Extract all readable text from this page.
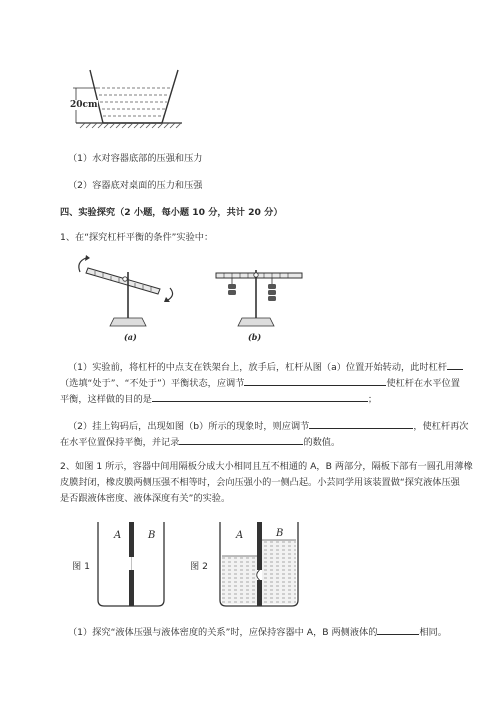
20cm
（1）水对容器底部的压强和压力
（2）容器底对桌面的压力和压强
四、实验探究（2 小题，每小题 10 分，共计 20 分）
1、在“探究杠杆平衡的条件”实验中：
(a)	(b)
（1）实验前，将杠杆的中点支在铁架台上，放手后，杠杆从图（a）位置开始转动，此时杠杆
（选填“处于”、“不处于”）平衡状态，应调节	使杠杆在水平位置
平衡，这样做的目的是	；
（2）挂上钩码后，出现如图（b）所示的现象时，则应调节	，使杠杆再次
在水平位置保持平衡，并记录	的数值。
2、如图 1 所示，容器中间用隔板分成大小相同且互不相通的 A，B 两部分，隔板下部有一圆孔用薄橡
皮膜封闭，橡皮膜两侧压强不相等时，会向压强小的一侧凸起。小芸同学用该装置做“探究液体压强
是否跟液体密度、液体深度有关”的实验。
A	B
图 1
A	B
图 2
（1）探究“液体压强与液体密度的关系”时，应保持容器中 A，B 两侧液体的	相同。
